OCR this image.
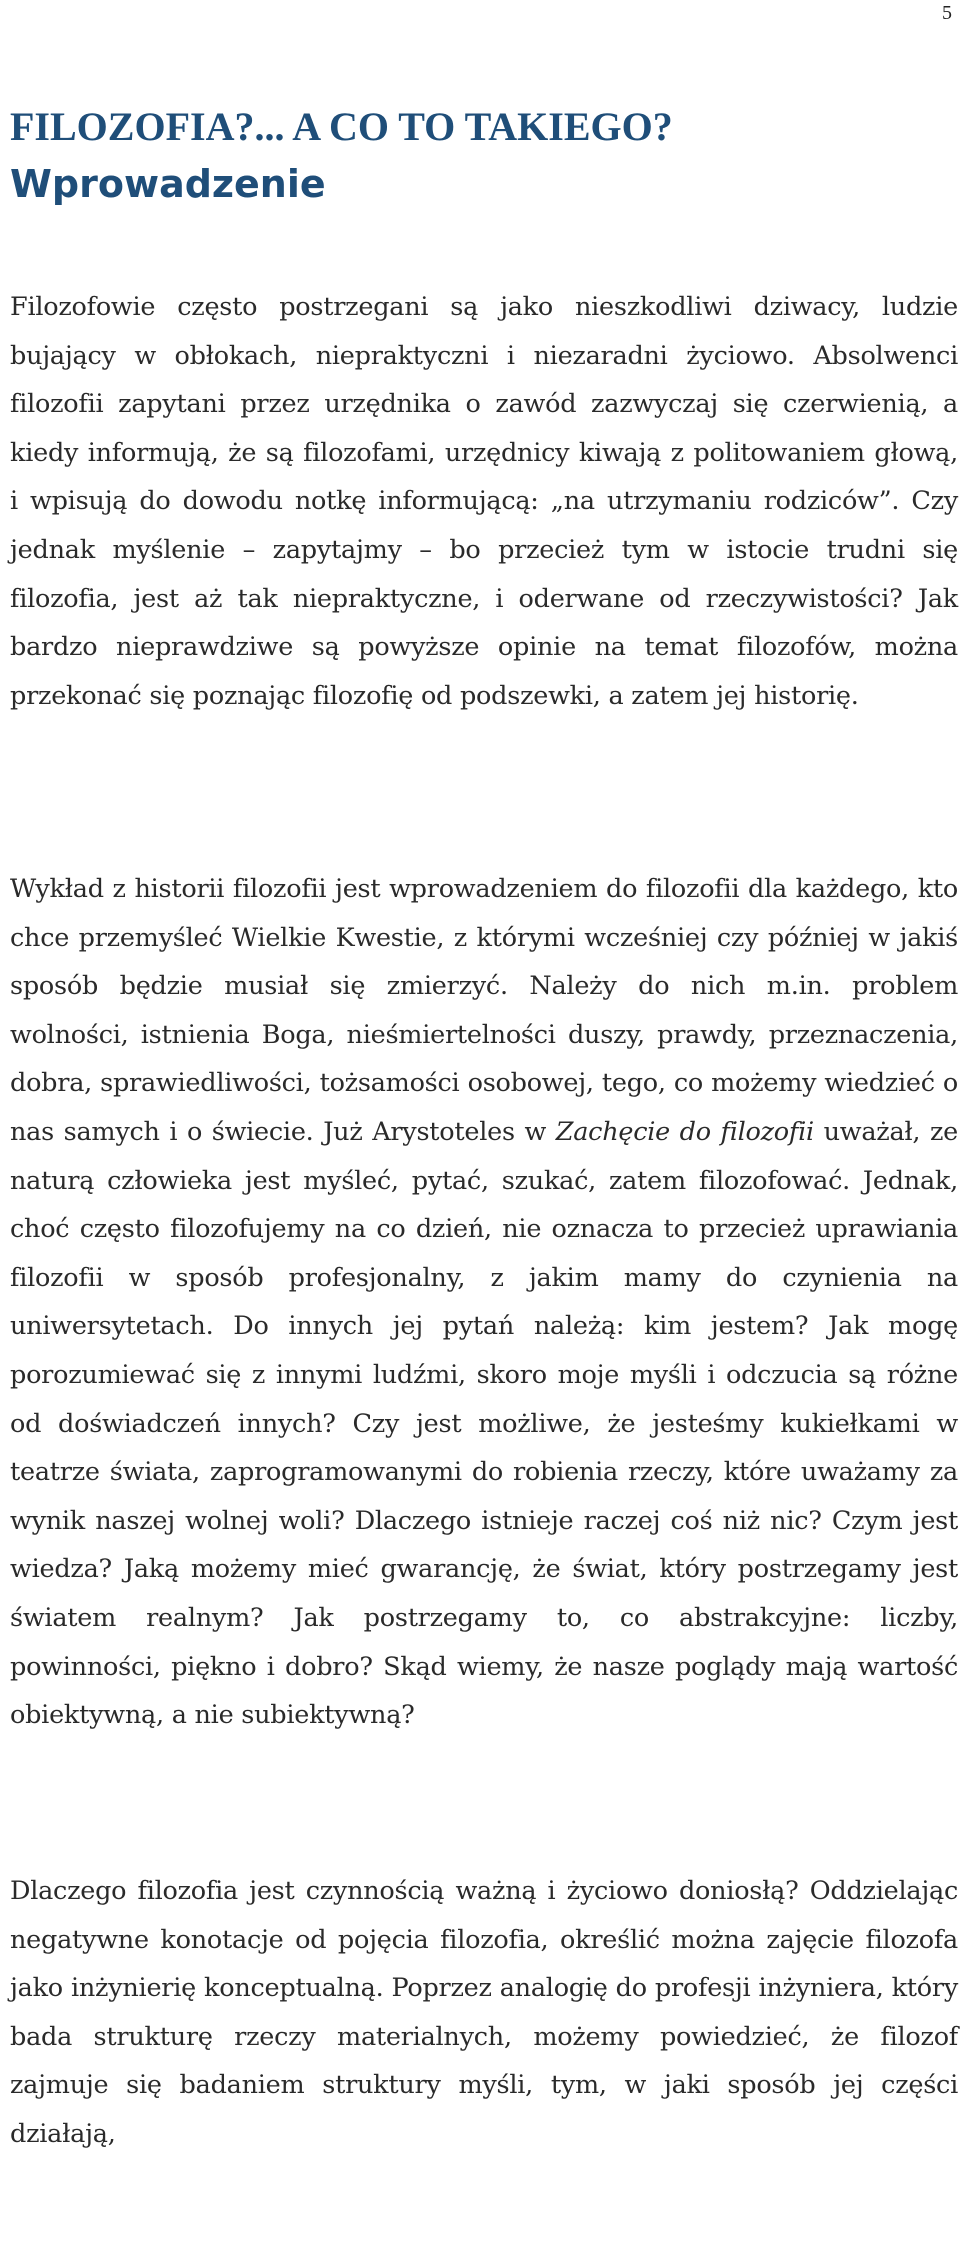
5
FILOZOFIA?... A CO TO TAKIEGO?
Wprowadzenie

Filozofowie często postrzegani są jako nieszkodliwi dziwacy, ludzie bujający w obłokach, niepraktyczni i niezaradni życiowo. Absolwenci filozofii zapytani przez urzędnika o zawód zazwyczaj się czerwienią, a kiedy informują, że są filozofami, urzędnicy kiwają z politowaniem głową, i wpisują do dowodu notkę informującą: „na utrzymaniu rodziców”. Czy jednak myślenie – zapytajmy – bo przecież tym w istocie trudni się filozofia, jest aż tak niepraktyczne, i oderwane od rzeczywistości? Jak bardzo nieprawdziwe są powyższe opinie na temat filozofów, można przekonać się poznając filozofię od podszewki, a zatem jej historię.

Wykład z historii filozofii jest wprowadzeniem do filozofii dla każdego, kto chce przemyśleć Wielkie Kwestie, z którymi wcześniej czy później w jakiś sposób będzie musiał się zmierzyć. Należy do nich m.in. problem wolności, istnienia Boga, nieśmiertelności duszy, prawdy, przeznaczenia, dobra, sprawiedliwości, tożsamości osobowej, tego, co możemy wiedzieć o nas samych i o świecie. Już Arystoteles w Zachęcie do filozofii uważał, ze naturą człowieka jest myśleć, pytać, szukać, zatem filozofować. Jednak, choć często filozofujemy na co dzień, nie oznacza to przecież uprawiania filozofii w sposób profesjonalny, z jakim mamy do czynienia na uniwersytetach. Do innych jej pytań należą: kim jestem? Jak mogę porozumiewać się z innymi ludźmi, skoro moje myśli i odczucia są różne od doświadczeń innych? Czy jest możliwe, że jesteśmy kukiełkami w teatrze świata, zaprogramowanymi do robienia rzeczy, które uważamy za wynik naszej wolnej woli? Dlaczego istnieje raczej coś niż nic? Czym jest wiedza? Jaką możemy mieć gwarancję, że świat, który postrzegamy jest światem realnym? Jak postrzegamy to, co abstrakcyjne: liczby, powinności, piękno i dobro? Skąd wiemy, że nasze poglądy mają wartość obiektywną, a nie subiektywną?

Dlaczego filozofia jest czynnością ważną i życiowo doniosłą? Oddzielając negatywne konotacje od pojęcia filozofia, określić można zajęcie filozofa jako inżynierię konceptualną. Poprzez analogię do profesji inżyniera, który bada strukturę rzeczy materialnych, możemy powiedzieć, że filozof zajmuje się badaniem struktury myśli, tym, w jaki sposób jej części działają,
